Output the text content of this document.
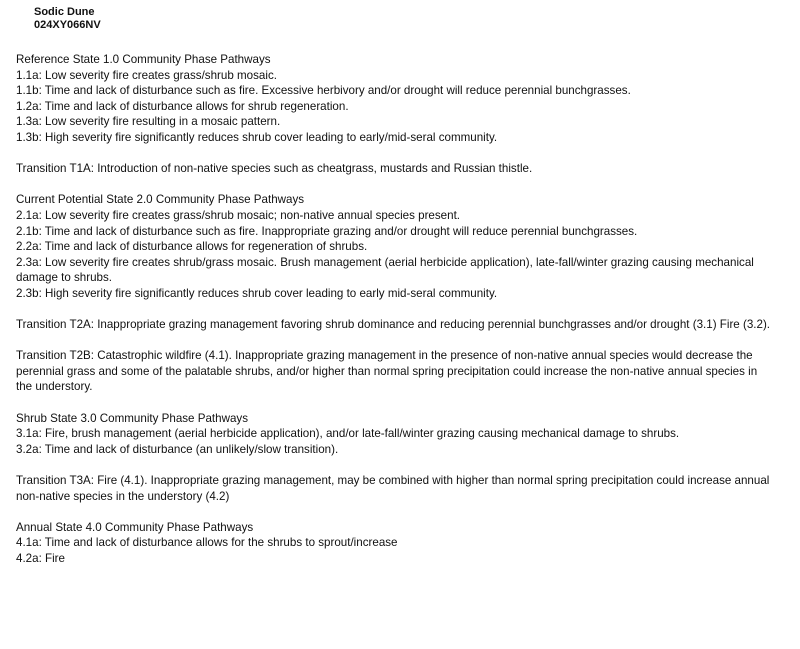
Sodic Dune
024XY066NV
Reference State 1.0 Community Phase Pathways
1.1a: Low severity fire creates grass/shrub mosaic.
1.1b: Time and lack of disturbance such as fire. Excessive herbivory and/or drought will reduce perennial bunchgrasses.
1.2a: Time and lack of disturbance allows for shrub regeneration.
1.3a: Low severity fire resulting in a mosaic pattern.
1.3b: High severity fire significantly reduces shrub cover leading to early/mid-seral community.
Transition T1A: Introduction of non-native species such as cheatgrass, mustards and Russian thistle.
Current Potential State 2.0 Community Phase Pathways
2.1a: Low severity fire creates grass/shrub mosaic; non-native annual species present.
2.1b: Time and lack of disturbance such as fire. Inappropriate grazing and/or drought will reduce perennial bunchgrasses.
2.2a: Time and lack of disturbance allows for regeneration of shrubs.
2.3a: Low severity fire creates shrub/grass mosaic. Brush management (aerial herbicide application), late-fall/winter grazing causing mechanical damage to shrubs.
2.3b: High severity fire significantly reduces shrub cover leading to early mid-seral community.
Transition T2A: Inappropriate grazing management favoring shrub dominance and reducing perennial bunchgrasses and/or drought (3.1) Fire (3.2).
Transition T2B: Catastrophic wildfire (4.1). Inappropriate grazing management in the presence of non-native annual species would decrease the perennial grass and some of the palatable shrubs, and/or higher than normal spring precipitation could increase the non-native annual species in the understory.
Shrub State 3.0 Community Phase Pathways
3.1a: Fire, brush management (aerial herbicide application), and/or late-fall/winter grazing causing mechanical damage to shrubs.
3.2a: Time and lack of disturbance (an unlikely/slow transition).
Transition T3A: Fire (4.1). Inappropriate grazing management, may be combined with higher than normal spring precipitation could increase annual non-native species in the understory (4.2)
Annual State 4.0 Community Phase Pathways
4.1a: Time and lack of disturbance allows for the shrubs to sprout/increase
4.2a: Fire
